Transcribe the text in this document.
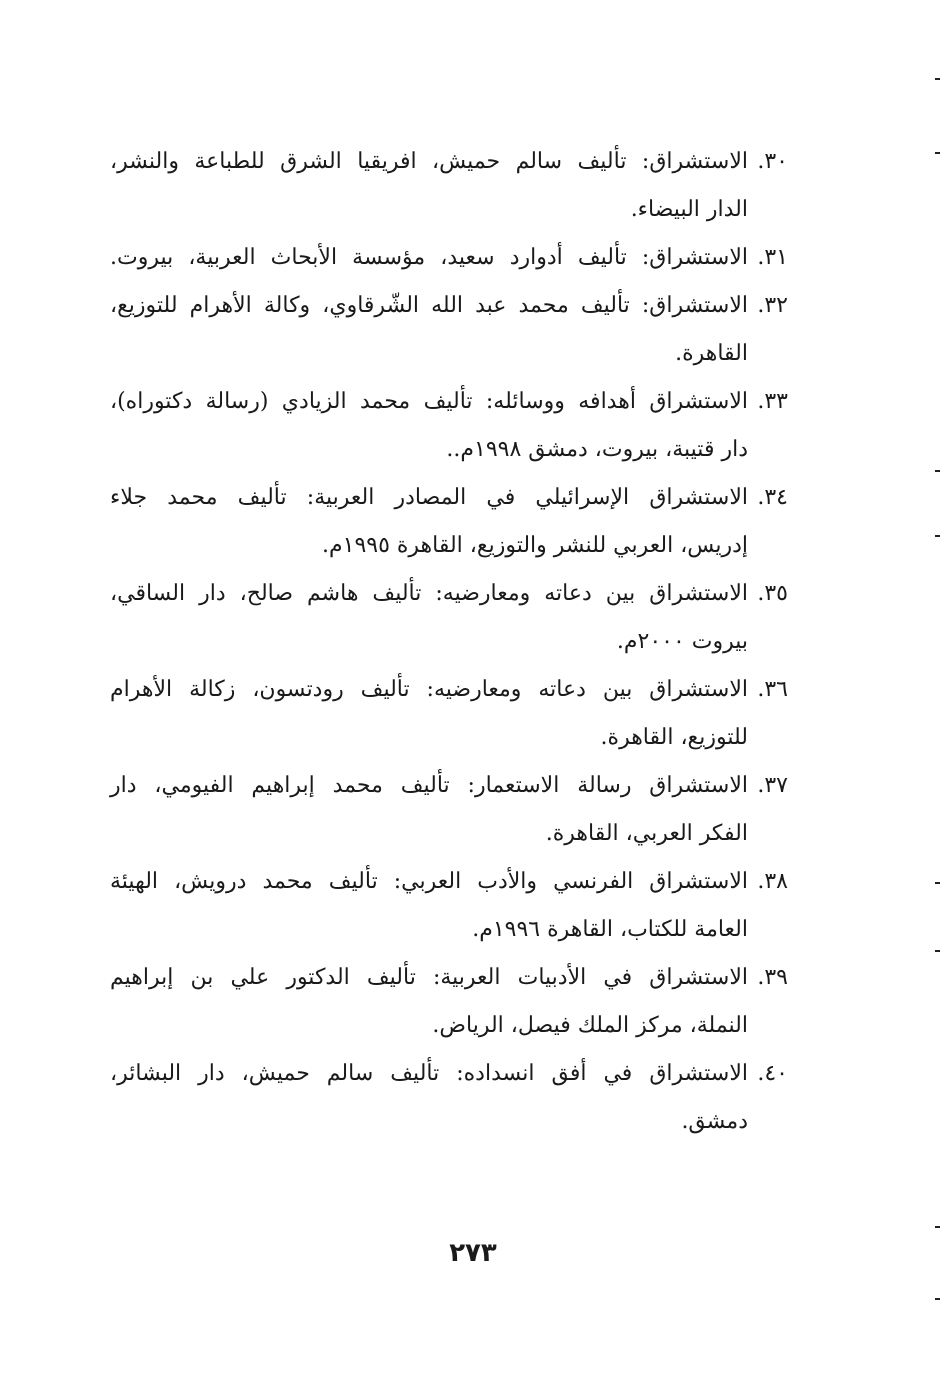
٣٠.
الاستشراق: تأليف سالم حميش، افريقيا الشرق للطباعة والنشر،
الدار البيضاء.
٣١.
الاستشراق: تأليف أدوارد سعيد، مؤسسة الأبحاث العربية، بيروت.
٣٢.
الاستشراق: تأليف محمد عبد الله الشّرقاوي، وكالة الأهرام للتوزيع،
القاهرة.
٣٣.
الاستشراق أهدافه ووسائله: تأليف محمد الزيادي (رسالة دكتوراه)،
دار قتيبة، بيروت، دمشق ١٩٩٨م..
٣٤.
الاستشراق الإسرائيلي في المصادر العربية: تأليف محمد جلاء
إدريس، العربي للنشر والتوزيع، القاهرة ١٩٩٥م.
٣٥.
الاستشراق بين دعاته ومعارضيه: تأليف هاشم صالح، دار الساقي،
بيروت ٢٠٠٠م.
٣٦.
الاستشراق بين دعاته ومعارضيه: تأليف رودتسون، زكالة الأهرام
للتوزيع، القاهرة.
٣٧.
الاستشراق رسالة الاستعمار: تأليف محمد إبراهيم الفيومي، دار
الفكر العربي، القاهرة.
٣٨.
الاستشراق الفرنسي والأدب العربي: تأليف محمد درويش، الهيئة
العامة للكتاب، القاهرة ١٩٩٦م.
٣٩.
الاستشراق في الأدبيات العربية: تأليف الدكتور علي بن إبراهيم
النملة، مركز الملك فيصل، الرياض.
٤٠.
الاستشراق في أفق انسداده: تأليف سالم حميش، دار البشائر،
دمشق.
٢٧٣
